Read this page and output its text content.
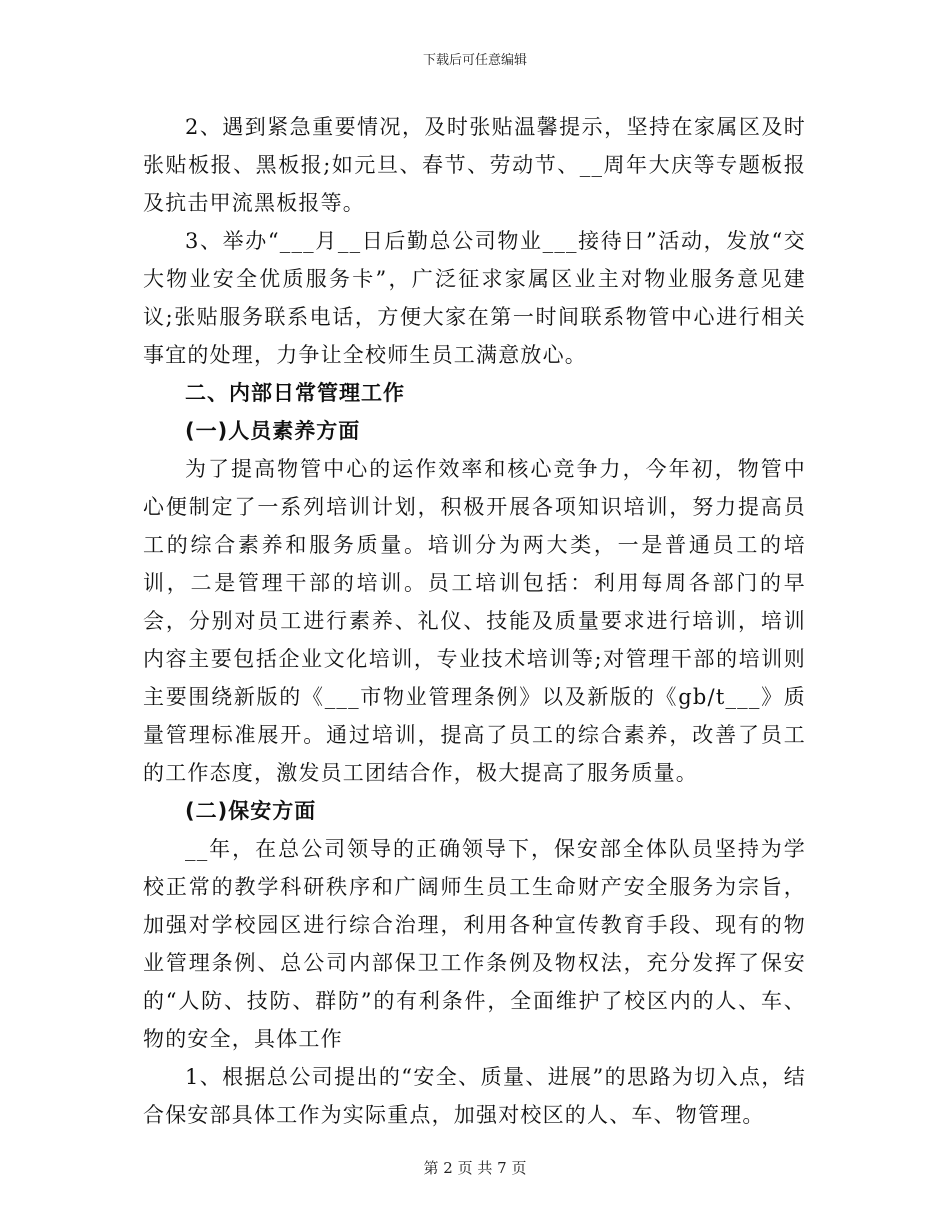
下载后可任意编辑

2、遇到紧急重要情况，及时张贴温馨提示，坚持在家属区及时张贴板报、黑板报;如元旦、春节、劳动节、__周年大庆等专题板报及抗击甲流黑板报等。

3、举办“___月__日后勤总公司物业___接待日”活动，发放“交大物业安全优质服务卡”，广泛征求家属区业主对物业服务意见建议;张贴服务联系电话，方便大家在第一时间联系物管中心进行相关事宜的处理，力争让全校师生员工满意放心。

二、内部日常管理工作

(一)人员素养方面

为了提高物管中心的运作效率和核心竞争力，今年初，物管中心便制定了一系列培训计划，积极开展各项知识培训，努力提高员工的综合素养和服务质量。培训分为两大类，一是普通员工的培训，二是管理干部的培训。员工培训包括：利用每周各部门的早会，分别对员工进行素养、礼仪、技能及质量要求进行培训，培训内容主要包括企业文化培训，专业技术培训等;对管理干部的培训则主要围绕新版的《___市物业管理条例》以及新版的《gb/t___》质量管理标准展开。通过培训，提高了员工的综合素养，改善了员工的工作态度，激发员工团结合作，极大提高了服务质量。

(二)保安方面

__年，在总公司领导的正确领导下，保安部全体队员坚持为学校正常的教学科研秩序和广阔师生员工生命财产安全服务为宗旨，加强对学校园区进行综合治理，利用各种宣传教育手段、现有的物业管理条例、总公司内部保卫工作条例及物权法，充分发挥了保安的“人防、技防、群防”的有利条件，全面维护了校区内的人、车、物的安全，具体工作

1、根据总公司提出的“安全、质量、进展”的思路为切入点，结合保安部具体工作为实际重点，加强对校区的人、车、物管理。

第 2 页 共 7 页
